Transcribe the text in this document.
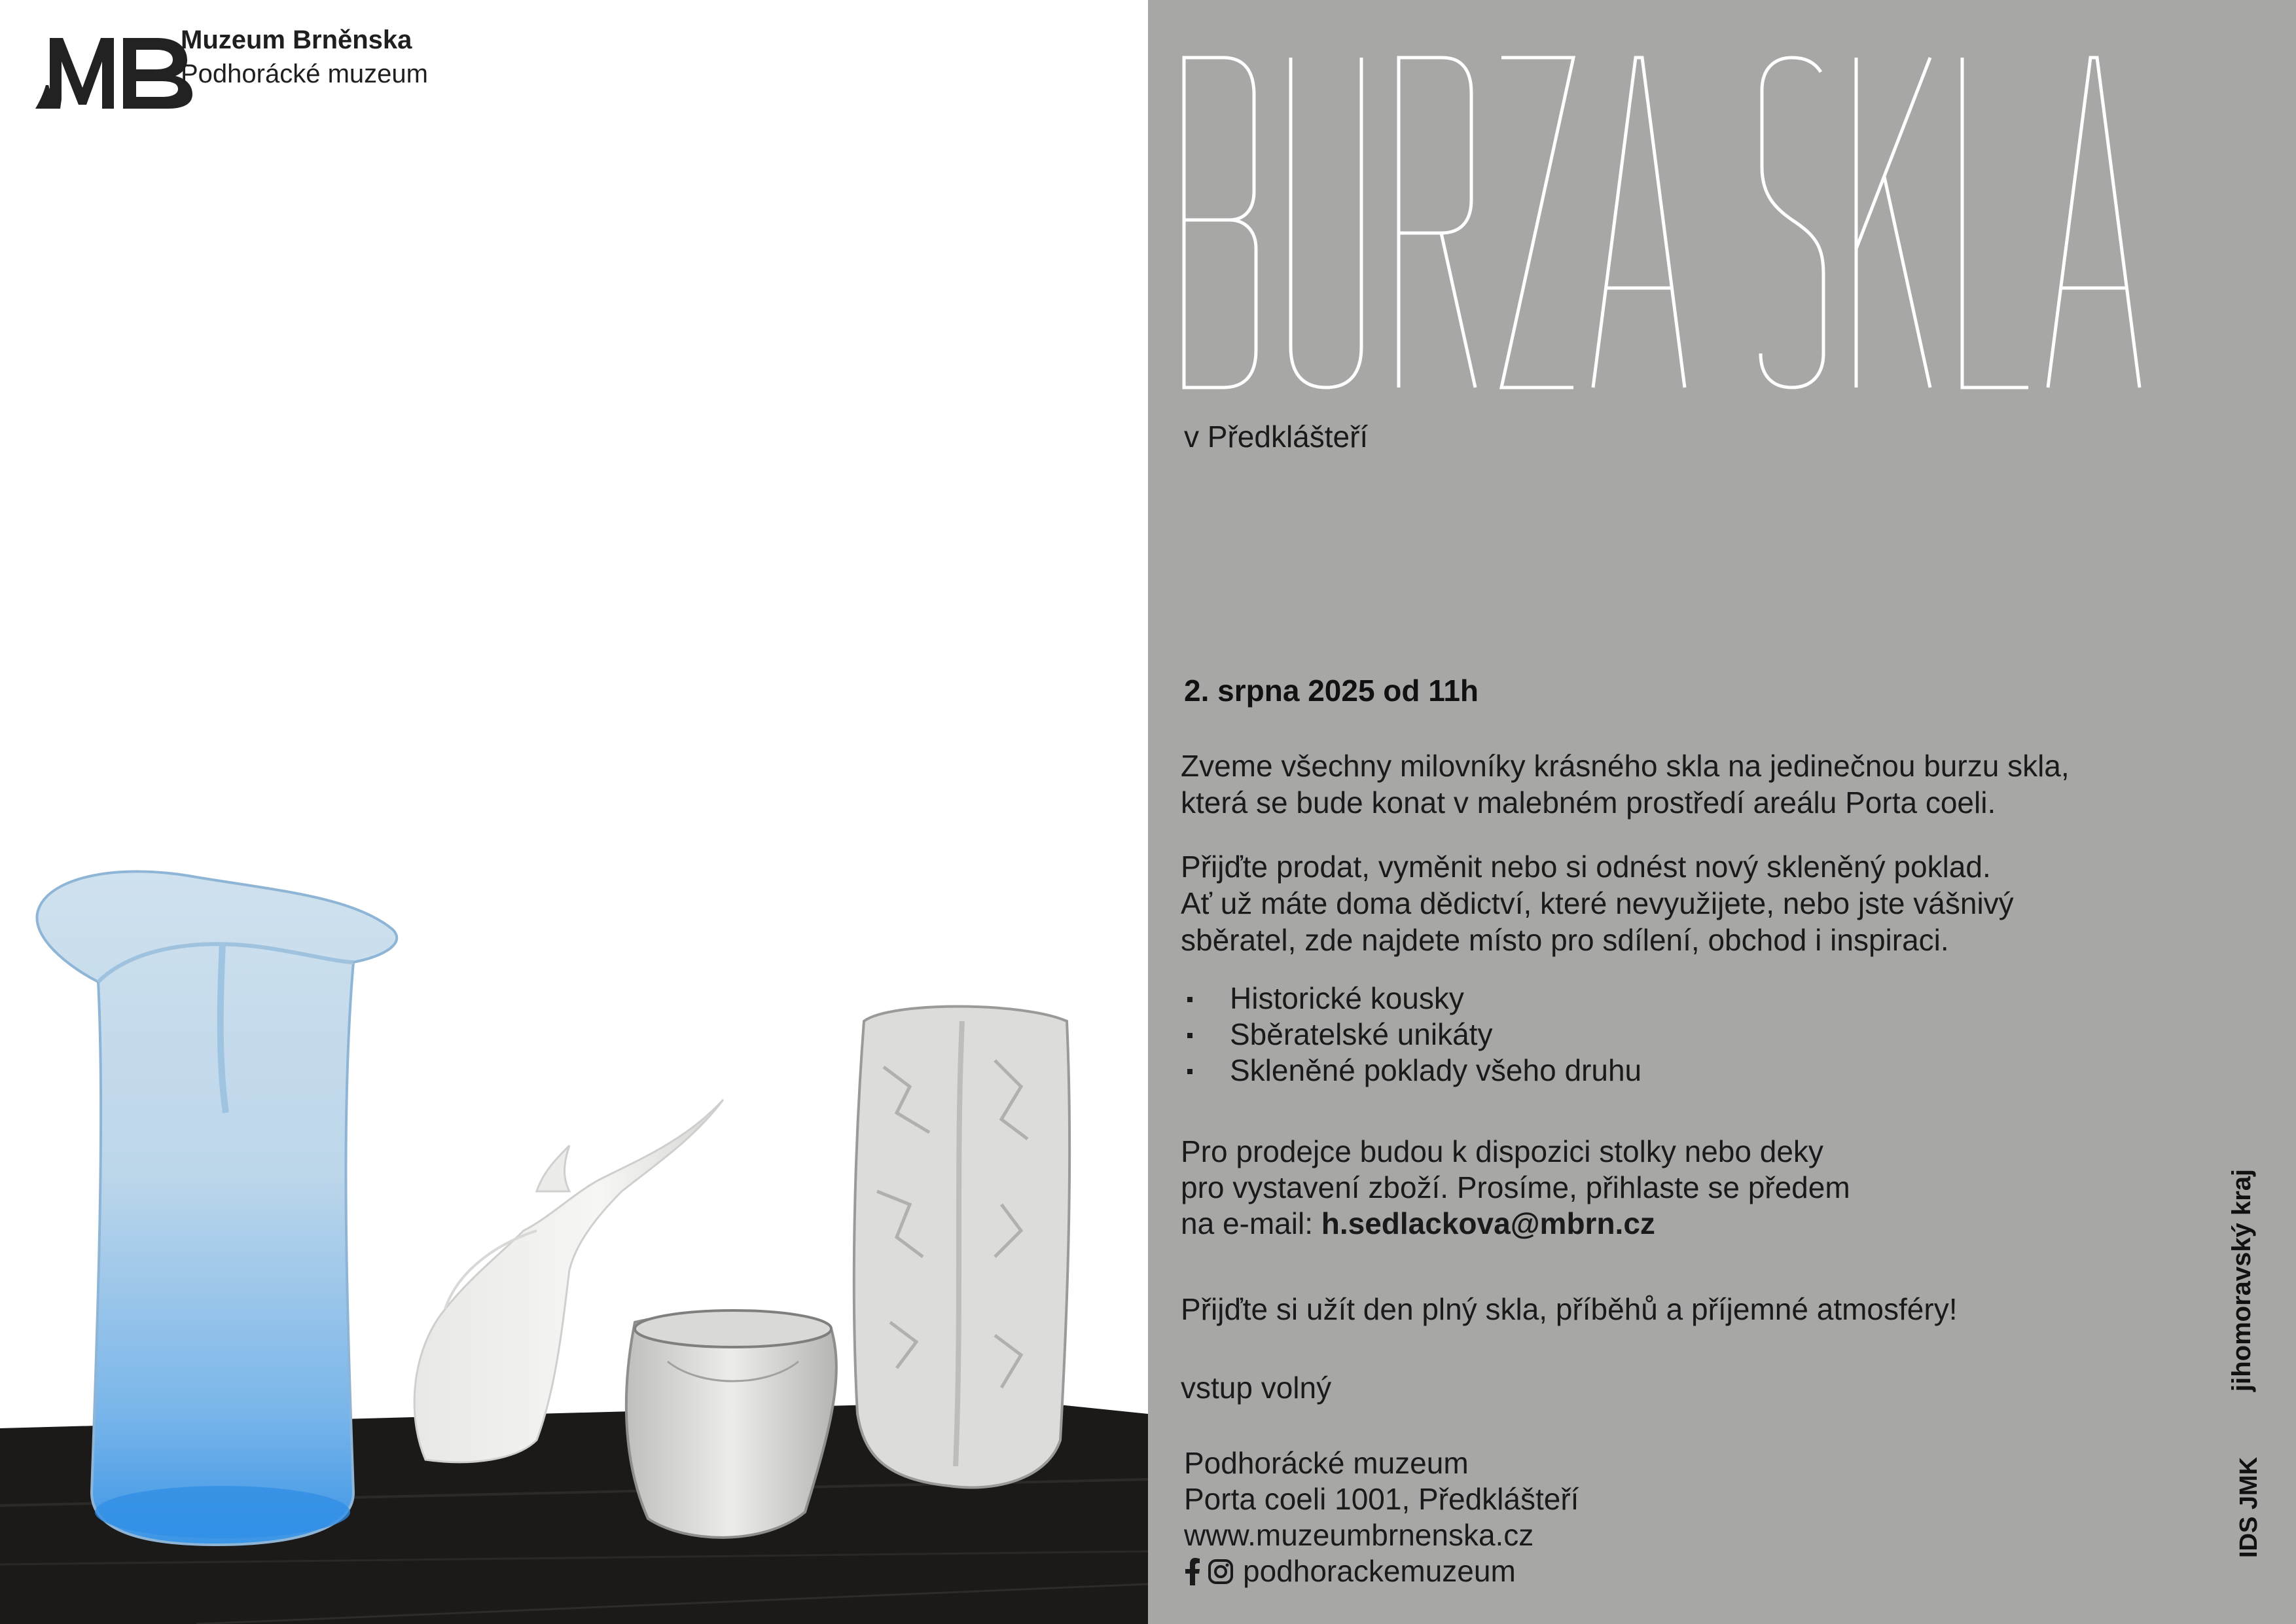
Muzeum Brněnska
Podhorácké muzeum
v Předklášteří
2. srpna 2025 od 11h

Zveme všechny milovníky krásného skla na jedinečnou burzu skla,

která se bude konat v malebném prostředí areálu Porta coeli.

Přijďte prodat, vyměnit nebo si odnést nový skleněný poklad.

Ať už máte doma dědictví, které nevyužijete, nebo jste vášnivý

sběratel, zde najdete místo pro sdílení, obchod i inspiraci.

Historické kousky
Sběratelské unikáty
Skleněné poklady všeho druhu

Pro prodejce budou k dispozici stolky nebo deky

pro vystavení zboží. Prosíme, přihlaste se předem

na e-mail: h.sedlackova@mbrn.cz

Přijďte si užít den plný skla, příběhů a příjemné atmosféry!
vstup volný
Podhorácké muzeum
Porta coeli 1001, Předklášteří
www.muzeumbrnenska.cz
podhorackemuzeum
jihomoravský kraj
IDS JMK
